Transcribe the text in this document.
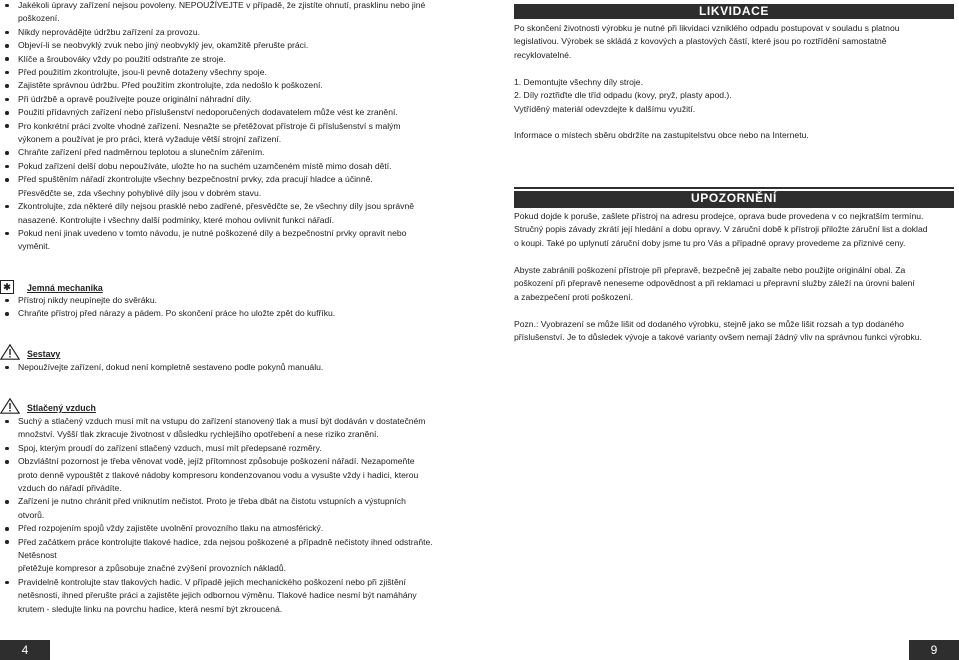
Jakékoli úpravy zařízení nejsou povoleny. NEPOUŽÍVEJTE v případě, že zjistíte ohnutí, prasklinu nebo jiné
poškození.
Nikdy neprovádějte údržbu zařízení za provozu.
Objeví-li se neobvyklý zvuk nebo jiný neobvyklý jev, okamžitě přerušte práci.
Klíče a šroubováky vždy po použití odstraňte ze stroje.
Před použitím zkontrolujte, jsou-li pevně dotaženy všechny spoje.
Zajistěte správnou údržbu. Před použitím zkontrolujte, zda nedošlo k poškození.
Při údržbě a opravě používejte pouze originální náhradní díly.
Použití přídavných zařízení nebo příslušenství nedoporučených dodavatelem může vést ke zranění.
Pro konkrétní práci zvolte vhodné zařízení. Nesnažte se přetěžovat přístroje či příslušenství s malým
výkonem a používat je pro práci, která vyžaduje větší strojní zařízení.
Chraňte zařízení před nadměrnou teplotou a slunečním zářením.
Pokud zařízení delší dobu nepoužíváte, uložte ho na suchém uzamčeném místě mimo dosah dětí.
Před spuštěním nářadí zkontrolujte všechny bezpečnostní prvky, zda pracují hladce a účinně.
Přesvědčte se, zda všechny pohyblivé díly jsou v dobrém stavu.
Zkontrolujte, zda některé díly nejsou prasklé nebo zadřené, přesvědčte se, že všechny díly jsou správně
nasazené. Kontrolujte i všechny další podmínky, které mohou ovlivnit funkci nářadí.
Pokud není jinak uvedeno v tomto návodu, je nutné poškozené díly a bezpečnostní prvky opravit nebo
vyměnit.
✱	Jemná mechanika
Přístroj nikdy neupínejte do svěráku.
Chraňte přístroj před nárazy a pádem. Po skončení práce ho uložte zpět do kufříku.
Sestavy
Nepoužívejte zařízení, dokud není kompletně sestaveno podle pokynů manuálu.
Stlačený vzduch
Suchý a stlačený vzduch musí mít na vstupu do zařízení stanovený tlak a musí být dodáván v dostatečném
množství. Vyšší tlak zkracuje životnost v důsledku rychlejšího opotřebení a nese riziko zranění.
Spoj, kterým proudí do zařízení stlačený vzduch, musí mít předepsané rozměry.
Obzvláštní pozornost je třeba věnovat vodě, jejíž přítomnost způsobuje poškození nářadí. Nezapomeňte
proto denně vypouštět z tlakové nádoby kompresoru kondenzovanou vodu a vysušte vždy i hadici, kterou
vzduch do nářadí přivádíte.
Zařízení je nutno chránit před vniknutím nečistot. Proto je třeba dbát na čistotu vstupních a výstupních
otvorů.
Před rozpojením spojů vždy zajistěte uvolnění provozního tlaku na atmosférický.
Před začátkem práce kontrolujte tlakové hadice, zda nejsou poškozené a případně nečistoty ihned odstraňte. Netěsnost
přetěžuje kompresor a způsobuje značné zvýšení provozních nákladů.
Pravidelně kontrolujte stav tlakových hadic. V případě jejich mechanického poškození nebo při zjištění
netěsnosti, ihned přerušte práci a zajistěte jejich odbornou výměnu. Tlakové hadice nesmí být namáhány
krutem - sledujte linku na povrchu hadice, která nesmí být zkroucená.
LIKVIDACE
Po skončení životnosti výrobku je nutné při likvidaci vzniklého odpadu postupovat v souladu s platnou
legislativou. Výrobek se skládá z kovových a plastových částí, které jsou po roztřídění samostatně
recyklovatelné.
1. Demontujte všechny díly stroje.
2. Díly roztřiďte dle tříd odpadu (kovy, pryž, plasty apod.).
Vytříděný materiál odevzdejte k dalšímu využití.

Informace o místech sběru obdržíte na zastupitelstvu obce nebo na Internetu.

UPOZORNĚNÍ
Pokud dojde k poruše, zašlete přístroj na adresu prodejce, oprava bude provedena v co nejkratším termínu.
Stručný popis závady zkrátí její hledání a dobu opravy. V záruční době k přístroji přiložte záruční list a doklad
o koupi. Také po uplynutí záruční doby jsme tu pro Vás a případné opravy provedeme za přiznivé ceny.
Abyste zabránili poškození přístroje při přepravě, bezpečně jej zabalte nebo použijte originální obal. Za
poškození při přepravě neneseme odpovědnost a při reklamaci u přepravní služby záleží na úrovni balení
a zabezpečení proti poškození.
Pozn.: Vyobrazení se může lišit od dodaného výrobku, stejně jako se může lišit rozsah a typ dodaného
příslušenství. Je to důsledek vývoje a takové varianty ovšem nemají žádný vliv na správnou funkci výrobku.
4	9
